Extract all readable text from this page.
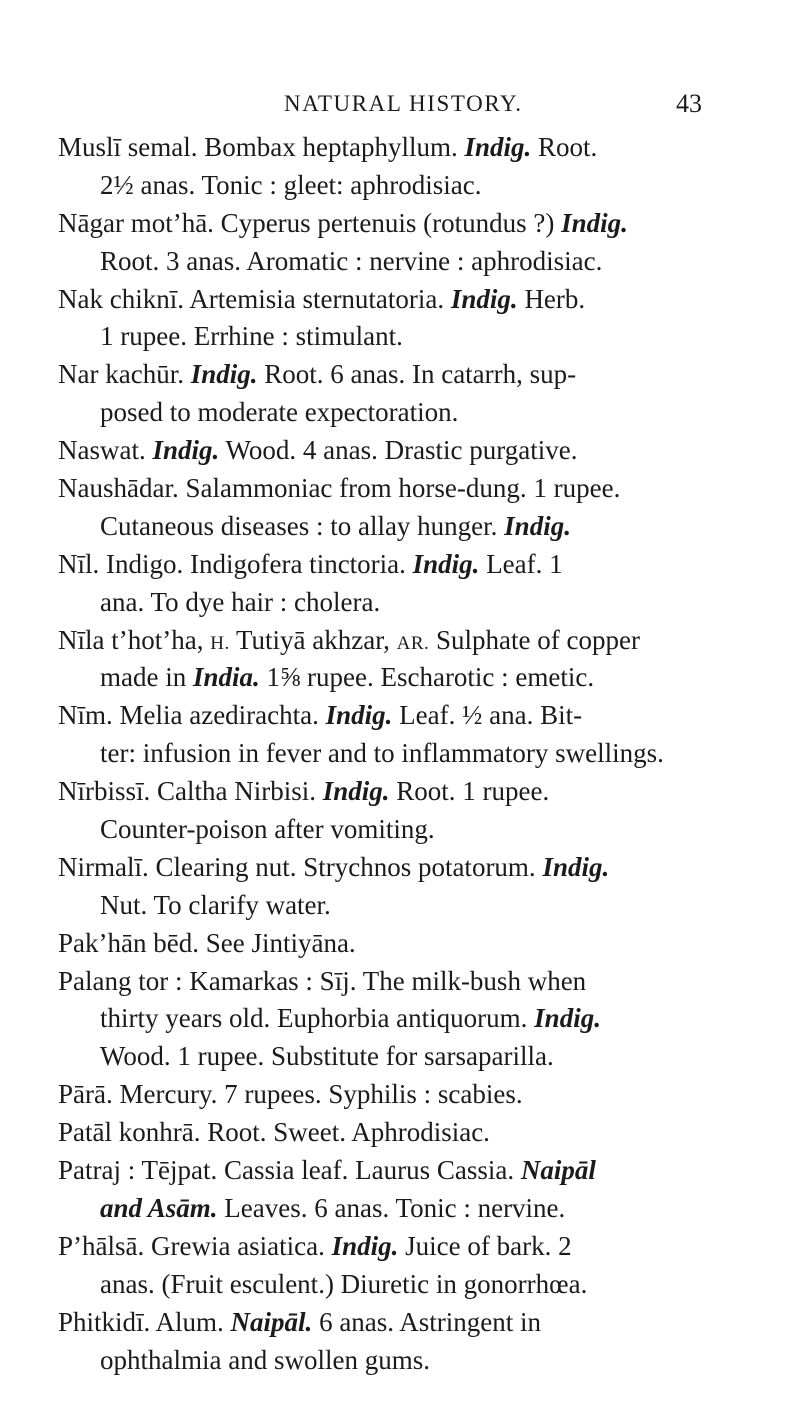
NATURAL HISTORY.	43
Muslī semal. Bombax heptaphyllum. Indig. Root.
2½ anas. Tonic : gleet: aphrodisiac.
Nāgar mot’hā. Cyperus pertenuis (rotundus ?) Indig.
Root. 3 anas. Aromatic : nervine : aphrodisiac.
Nak chiknī. Artemisia sternutatoria. Indig. Herb.
1 rupee. Errhine : stimulant.
Nar kachūr. Indig. Root. 6 anas. In catarrh, sup-
posed to moderate expectoration.
Naswat. Indig. Wood. 4 anas. Drastic purgative.
Naushādar. Salammoniac from horse-dung. 1 rupee.
Cutaneous diseases : to allay hunger. Indig.
Nīl. Indigo. Indigofera tinctoria. Indig. Leaf. 1
ana. To dye hair : cholera.
Nīla t’hot’ha, H. Tutiyā akhzar, AR. Sulphate of copper
made in India. 1⅝ rupee. Escharotic : emetic.
Nīm. Melia azedirachta. Indig. Leaf. ½ ana. Bit-
ter: infusion in fever and to inflammatory swellings.
Nīrbissī. Caltha Nirbisi. Indig. Root. 1 rupee.
Counter-poison after vomiting.
Nirmalī. Clearing nut. Strychnos potatorum. Indig.
Nut. To clarify water.
Pak’hān bēd. See Jintiyāna.
Palang tor : Kamarkas : Sīj. The milk-bush when
thirty years old. Euphorbia antiquorum. Indig.
Wood. 1 rupee. Substitute for sarsaparilla.
Pārā. Mercury. 7 rupees. Syphilis : scabies.
Patāl konhrā. Root. Sweet. Aphrodisiac.
Patraj : Tējpat. Cassia leaf. Laurus Cassia. Naipāl
and Asām. Leaves. 6 anas. Tonic : nervine.
P’hālsā. Grewia asiatica. Indig. Juice of bark. 2
anas. (Fruit esculent.) Diuretic in gonorrhœa.
Phitkidī. Alum. Naipāl. 6 anas. Astringent in
ophthalmia and swollen gums.
